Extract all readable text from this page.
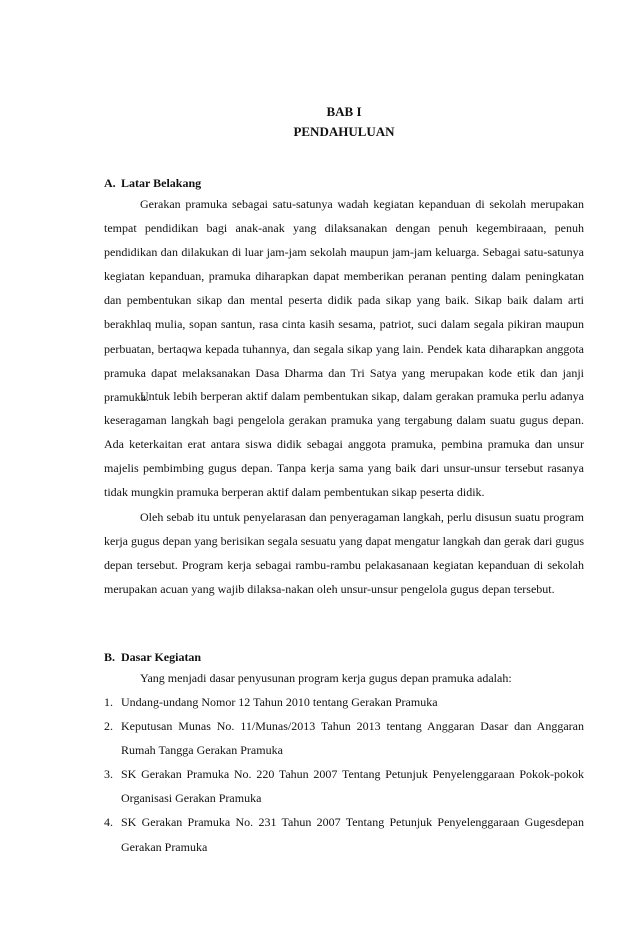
BAB I
PENDAHULUAN
A. Latar Belakang

Gerakan pramuka sebagai satu-satunya wadah kegiatan kepanduan di sekolah merupakan tempat pendidikan bagi anak-anak yang dilaksanakan dengan penuh kegembiraaan, penuh pendidikan dan dilakukan di luar jam-jam sekolah maupun jam-jam keluarga. Sebagai satu-satunya kegiatan kepanduan, pramuka diharapkan dapat memberikan peranan penting dalam peningkatan dan pembentukan sikap dan mental peserta didik pada sikap yang baik. Sikap baik dalam arti berakhlaq mulia, sopan santun, rasa cinta kasih sesama, patriot, suci dalam segala pikiran maupun perbuatan, bertaqwa kepada tuhannya, dan segala sikap yang lain. Pendek kata diharapkan anggota pramuka dapat melaksanakan Dasa Dharma dan Tri Satya yang merupakan kode etik dan janji pramuka.

Untuk lebih berperan aktif dalam pembentukan sikap, dalam gerakan pramuka perlu adanya keseragaman langkah bagi pengelola gerakan pramuka yang tergabung dalam suatu gugus depan. Ada keterkaitan erat antara siswa didik sebagai anggota pramuka, pembina pramuka dan unsur majelis pembimbing gugus depan. Tanpa kerja sama yang baik dari unsur-unsur tersebut rasanya tidak mungkin pramuka berperan aktif dalam pembentukan sikap peserta didik.

Oleh sebab itu untuk penyelarasan dan penyeragaman langkah, perlu disusun suatu program kerja gugus depan yang berisikan segala sesuatu yang dapat mengatur langkah dan gerak dari gugus depan tersebut. Program kerja sebagai rambu-rambu pelakasanaan kegiatan kepanduan di sekolah merupakan acuan yang wajib dilaksa-nakan oleh unsur-unsur pengelola gugus depan tersebut.

B. Dasar Kegiatan

Yang menjadi dasar penyusunan program kerja gugus depan pramuka adalah:

1. Undang-undang Nomor 12 Tahun 2010 tentang Gerakan Pramuka
2. Keputusan Munas No. 11/Munas/2013 Tahun 2013 tentang Anggaran Dasar dan Anggaran Rumah Tangga Gerakan Pramuka
3. SK Gerakan Pramuka No. 220 Tahun 2007 Tentang Petunjuk Penyelenggaraan Pokok-pokok Organisasi Gerakan Pramuka
4. SK Gerakan Pramuka No. 231 Tahun 2007 Tentang Petunjuk Penyelenggaraan Gugesdepan Gerakan Pramuka
